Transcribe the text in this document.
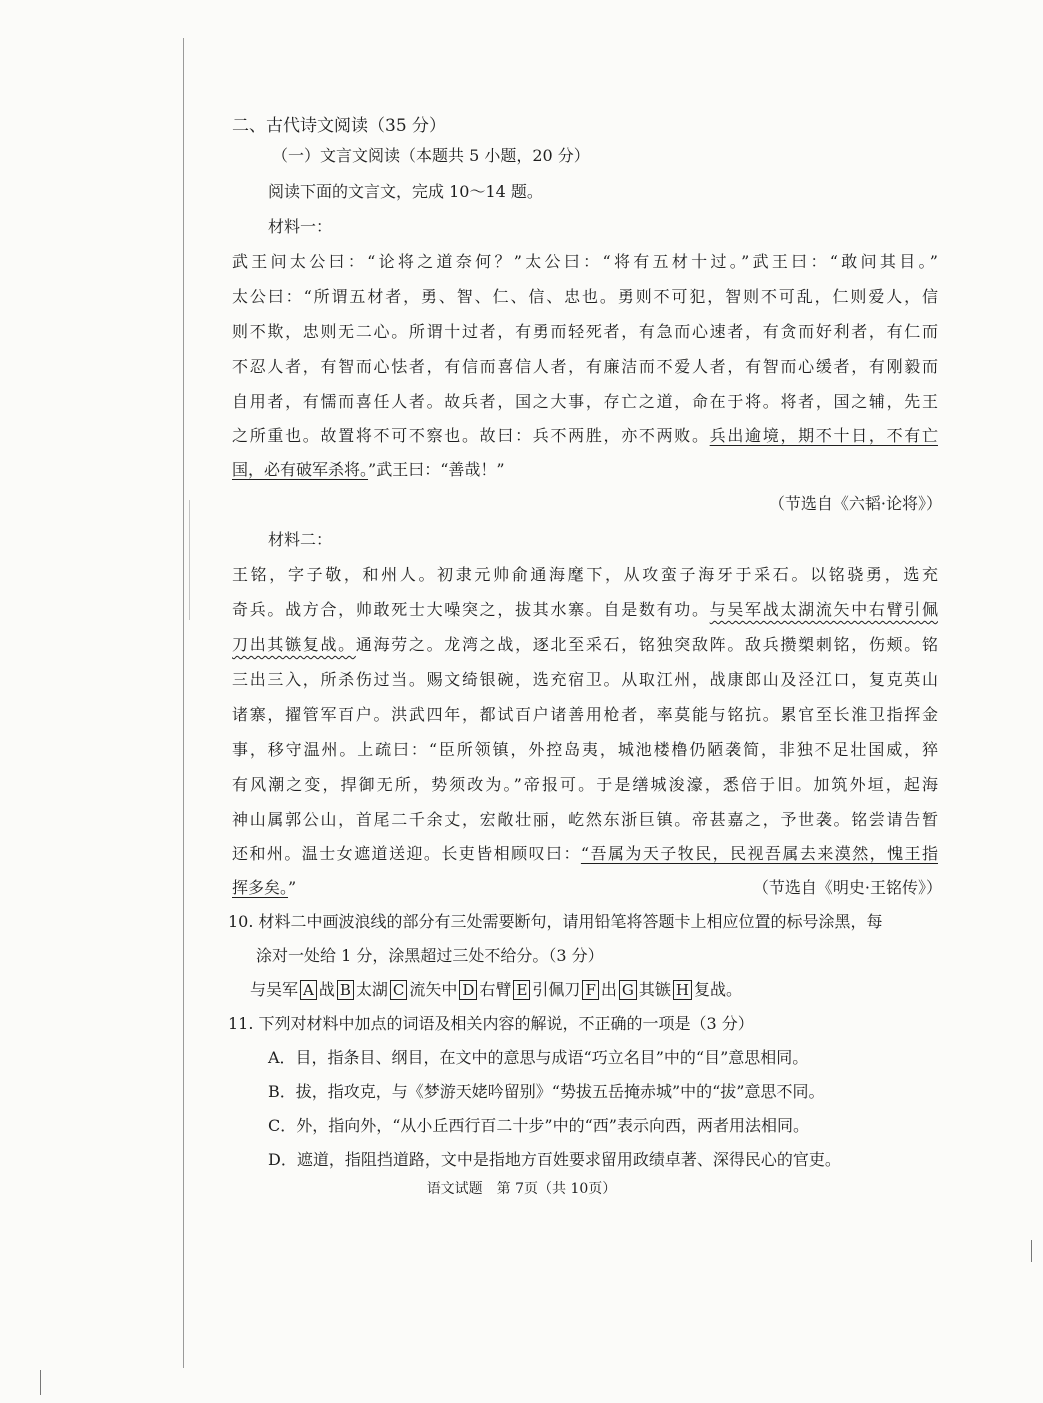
二、古代诗文阅读（35 分）
（一）文言文阅读（本题共 5 小题，20 分）
阅读下面的文言文，完成 10～14 题。
材料一：
武王问太公曰：“论将之道奈何？”太公曰：“将有五材十过。”武王曰：“敢问其目。”
太公曰：“所谓五材者，勇、智、仁、信、忠也。勇则不可犯，智则不可乱，仁则爱人，信
则不欺，忠则无二心。所谓十过者，有勇而轻死者，有急而心速者，有贪而好利者，有仁而
不忍人者，有智而心怯者，有信而喜信人者，有廉洁而不爱人者，有智而心缓者，有刚毅而
自用者，有懦而喜任人者。故兵者，国之大事，存亡之道，命在于将。将者，国之辅，先王
之所重也。故置将不可不察也。故曰：兵不两胜，亦不两败。兵出逾境，期不十日，不有亡
国，必有破军杀将。”武王曰：“善哉！”
（节选自《六韬·论将》）
材料二：
王铭，字子敬，和州人。初隶元帅俞通海麾下，从攻蛮子海牙于采石。以铭骁勇，选充
奇兵。战方合，帅敢死士大噪突之，拔其水寨。自是数有功。与吴军战太湖流矢中右臂引佩
刀出其镞复战。通海劳之。龙湾之战，逐北至采石，铭独突敌阵。敌兵攒槊刺铭，伤颊。铭
三出三入，所杀伤过当。赐文绮银碗，选充宿卫。从取江州，战康郎山及泾江口，复克英山
诸寨，擢管军百户。洪武四年，都试百户诸善用枪者，率莫能与铭抗。累官至长淮卫指挥金
事，移守温州。上疏曰：“臣所领镇，外控岛夷，城池楼橹仍陋袭简，非独不足壮国威，猝
有风潮之变，捍御无所，势须改为。”帝报可。于是缮城浚濠，悉倍于旧。加筑外垣，起海
神山属郭公山，首尾二千余丈，宏敞壮丽，屹然东浙巨镇。帝甚嘉之，予世袭。铭尝请告暂
还和州。温士女遮道送迎。长吏皆相顾叹曰：“吾属为天子牧民，民视吾属去来漠然，愧王指
挥多矣。”	（节选自《明史·王铭传》）
10. 材料二中画波浪线的部分有三处需要断句，请用铅笔将答题卡上相应位置的标号涂黑，每
涂对一处给 1 分，涂黑超过三处不给分。（3 分）
与吴军 A 战 B 太湖 C 流矢中 D 右臂 E 引佩刀 F 出 G 其镞 H 复战。
11. 下列对材料中加点的词语及相关内容的解说，不正确的一项是（3 分）
A．目，指条目、纲目，在文中的意思与成语“巧立名目”中的“目”意思相同。
B．拔，指攻克，与《梦游天姥吟留别》“势拔五岳掩赤城”中的“拔”意思不同。
C．外，指向外，“从小丘西行百二十步”中的“西”表示向西，两者用法相同。
D．遮道，指阻挡道路，文中是指地方百姓要求留用政绩卓著、深得民心的官吏。
语文试题　第 7页（共 10页）
